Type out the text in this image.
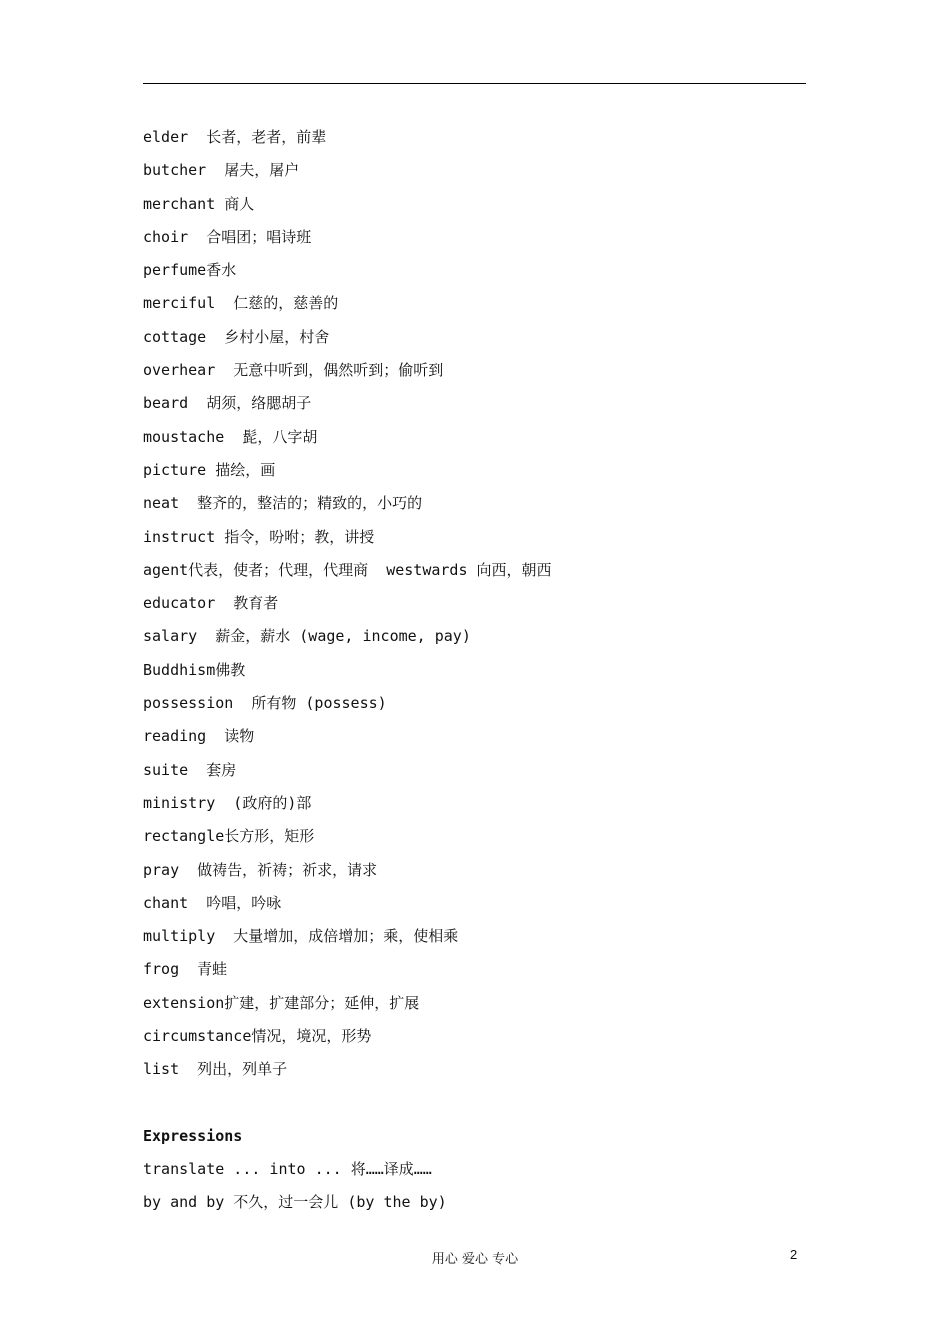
elder  长者，老者，前辈
butcher  屠夫，屠户
merchant 商人
choir  合唱团；唱诗班
perfume香水
merciful  仁慈的，慈善的
cottage  乡村小屋，村舍
overhear  无意中听到，偶然听到；偷听到
beard  胡须，络腮胡子
moustache  髭，八字胡
picture 描绘，画
neat  整齐的，整洁的；精致的，小巧的
instruct 指令，吩咐；教，讲授
agent代表，使者；代理，代理商  westwards 向西，朝西
educator  教育者
salary  薪金，薪水 (wage, income, pay)
Buddhism佛教
possession  所有物 (possess)
reading  读物
suite  套房
ministry  (政府的)部
rectangle长方形，矩形
pray  做祷告，祈祷；祈求，请求
chant  吟唱，吟咏
multiply  大量增加，成倍增加；乘，使相乘
frog  青蛙
extension扩建，扩建部分；延伸，扩展
circumstance情况，境况，形势
list  列出，列单子
Expressions
translate ... into ... 将……译成……
by and by 不久，过一会儿 (by the by)
用心 爱心 专心	2
